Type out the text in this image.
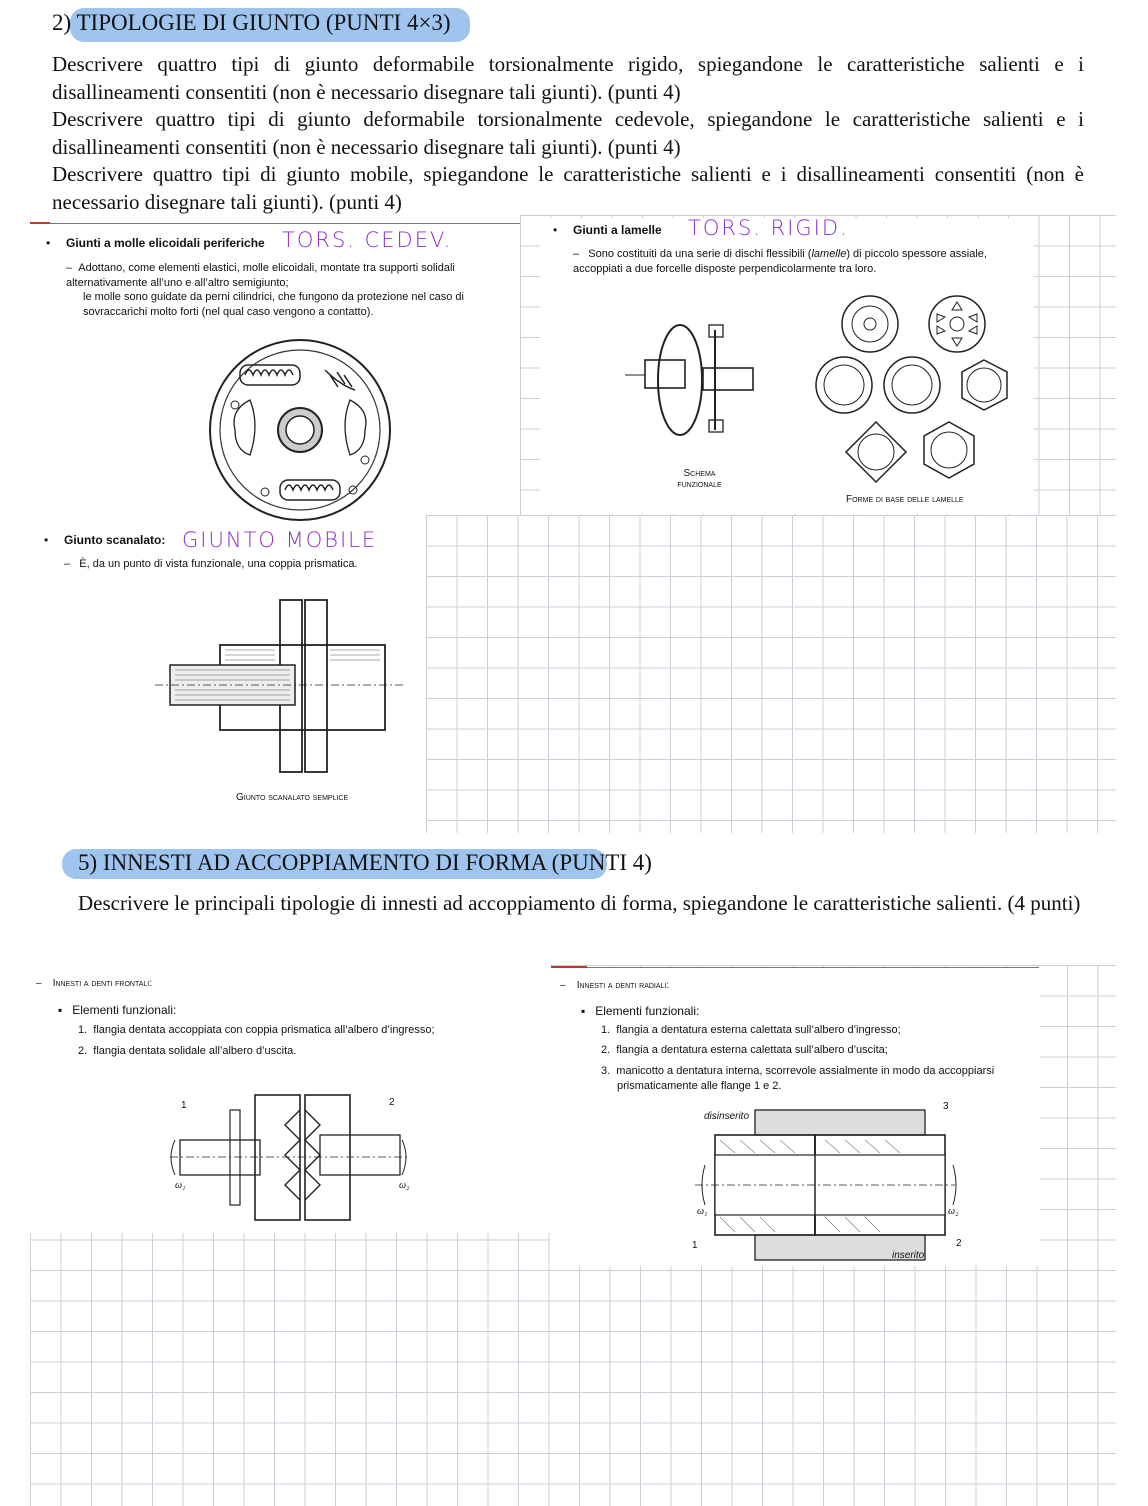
2) TIPOLOGIE DI GIUNTO (PUNTI 4×3)
Descrivere quattro tipi di giunto deformabile torsionalmente rigido, spiegandone le caratteristiche salienti e i disallineamenti consentiti (non è necessario disegnare tali giunti). (punti 4)
Descrivere quattro tipi di giunto deformabile torsionalmente cedevole, spiegandone le caratteristiche salienti e i disallineamenti consentiti (non è necessario disegnare tali giunti). (punti 4)
Descrivere quattro tipi di giunto mobile, spiegandone le caratteristiche salienti e i disallineamenti consentiti (non è necessario disegnare tali giunti). (punti 4)
• Giunti a molle elicoidali periferiche TORS. CEDEV.
–  Adottano, come elementi elastici, molle elicoidali, montate tra supporti solidali alternativamente all’uno e all’altro semigiunto;
le molle sono guidate da perni cilindrici, che fungono da protezione nel caso di sovraccarichi molto forti (nel qual caso vengono a contatto).
• Giunti a lamelle TORS. RIGID.
–   Sono costituiti da una serie di dischi flessibili (lamelle) di piccolo spessore assiale, accoppiati a due forcelle disposte perpendicolarmente tra loro.
Schema funzionale
Forme di base delle lamelle
• Giunto scanalato: GIUNTO MOBILE
–   È, da un punto di vista funzionale, una coppia prismatica.
Giunto scanalato semplice
5) INNESTI AD ACCOPPIAMENTO DI FORMA (PUNTI 4)
Descrivere le principali tipologie di innesti ad accoppiamento di forma, spiegandone le caratteristiche salienti. (4 punti)
–    Innesti a denti frontali:
▪   Elementi funzionali:
1.  flangia dentata accoppiata con coppia prismatica all’albero d’ingresso;
2.  flangia dentata solidale all’albero d’uscita.
1	2
ω₁	ω₂
–    Innesti a denti radiali:
▪   Elementi funzionali:
1.  flangia a dentatura esterna calettata sull’albero d’ingresso;
2.  flangia a dentatura esterna calettata sull’albero d’uscita;
3.  manicotto a dentatura interna, scorrevole assialmente in modo da accoppiarsi prismaticamente alle flange 1 e 2.
disinserito
inserito
3
1	2
ω₁	ω₂
